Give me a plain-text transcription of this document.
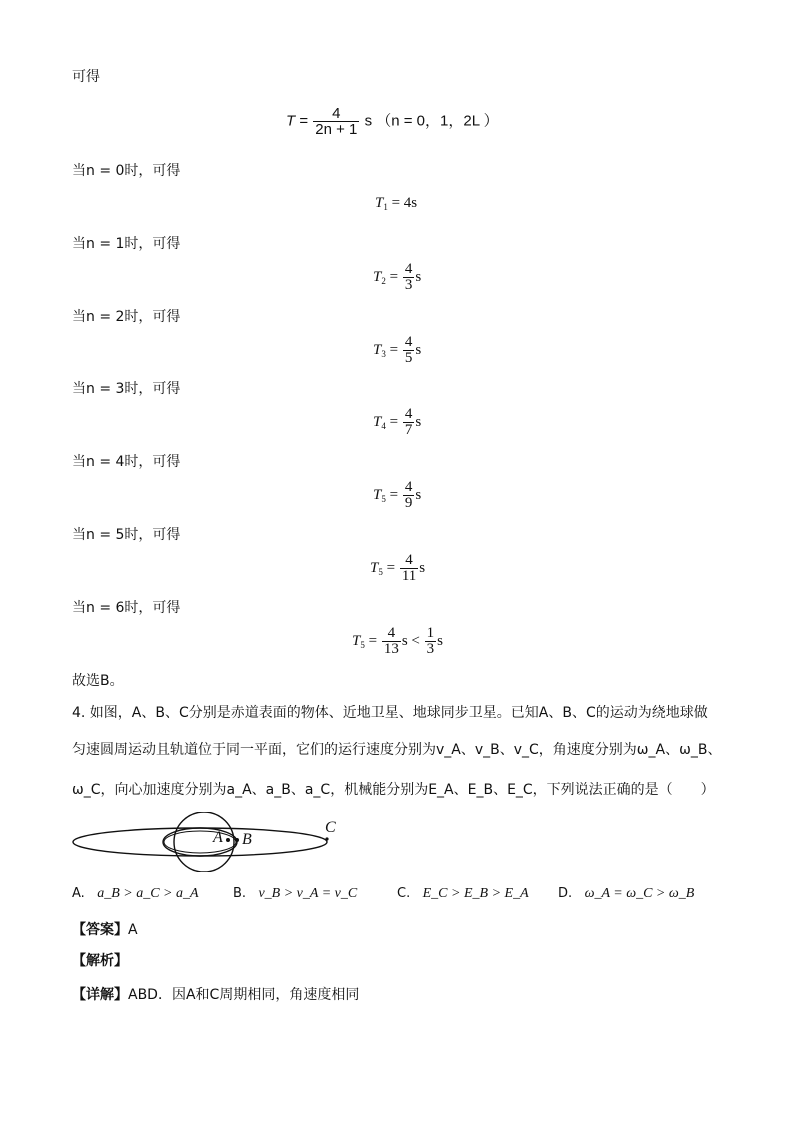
可得
$T = \frac{4}{2n + 1}$ s （n = 0，1，2L ）
当n = 0时，可得
$T_1 = 4s$
当n = 1时，可得
$T_2 = \frac{4}{3}$ s
当n = 2时，可得
$T_3 = \frac{4}{5}$ s
当n = 3时，可得
$T_4 = \frac{4}{7}$ s
当n = 4时，可得
$T_5 = \frac{4}{9}$ s
当n = 5时，可得
$T_5 = \frac{4}{11}$ s
当n = 6时，可得
$T_5 = \frac{4}{13}$ $s < \frac{1}{3}$ s
故选B。
4. 如图，A、B、C分别是赤道表面的物体、近地卫星、地球同步卫星。已知A、B、C的运动为绕地球做
匀速圆周运动且轨道位于同一平面，它们的运行速度分别为v_A、v_B、v_C，角速度分别为ω_A、ω_B、
ω_C，向心加速度分别为a_A、a_B、a_C，机械能分别为E_A、E_B、E_C，下列说法正确的是（　　）
A B
C
A. a_B > a_C > a_A	B. v_B > v_A = v_C	C. E_C > E_B > E_A D. ω_A = ω_C > ω_B
【答案】A
【解析】
【详解】ABD．因A和C周期相同，角速度相同
